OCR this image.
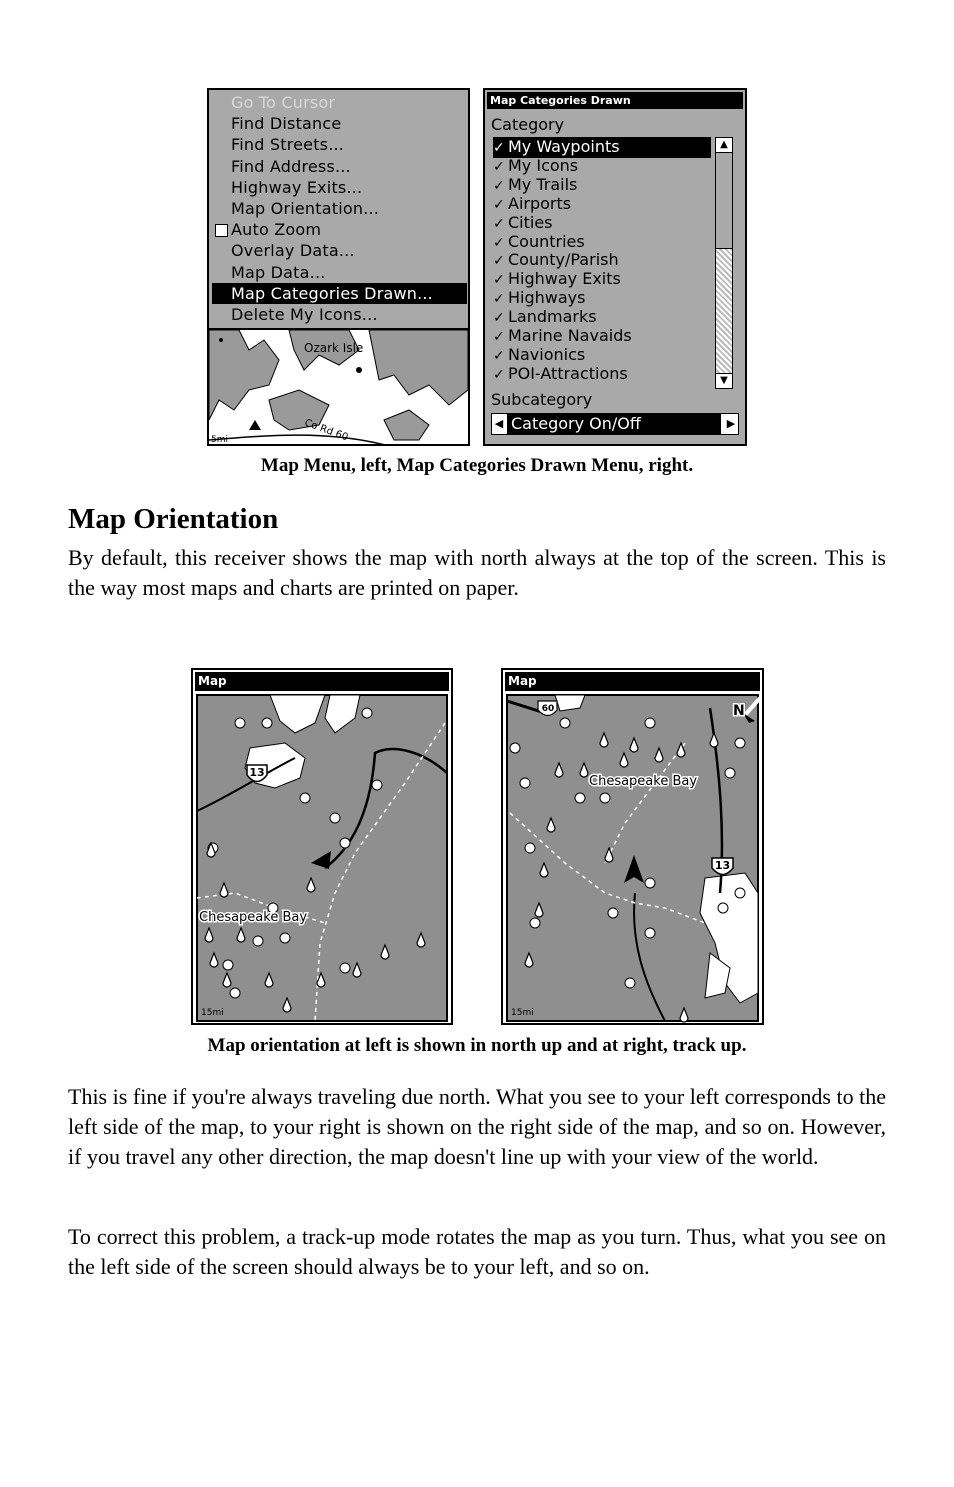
Go To Cursor
Find Distance
Find Streets...
Find Address...
Highway Exits...
Map Orientation...
Auto Zoom
Overlay Data...
Map Data...
Map Categories Drawn...
Delete My Icons...
5mi
Ozark Isle
Co Rd 60
Map Categories Drawn
Category
✓ My Waypoints
✓ My Icons
✓ My Trails
✓ Airports
✓ Cities
✓ Countries
✓ County/Parish
✓ Highway Exits
✓ Highways
✓ Landmarks
✓ Marine Navaids
✓ Navionics
✓ POI-Attractions
▲
▼
Subcategory
◀ Category On/Off	▶
Map Menu, left, Map Categories Drawn Menu, right.
Map Orientation
By default, this receiver shows the map with north always at the top of the screen. This is the way most maps and charts are printed on paper.
Map
13
Chesapeake Bay
15mi
Map
60
13
N
Chesapeake Bay
15mi
Map orientation at left is shown in north up and at right, track up.
This is fine if you're always traveling due north. What you see to your left corresponds to the left side of the map, to your right is shown on the right side of the map, and so on. However, if you travel any other direction, the map doesn't line up with your view of the world.
To correct this problem, a track-up mode rotates the map as you turn. Thus, what you see on the left side of the screen should always be to your left, and so on.
